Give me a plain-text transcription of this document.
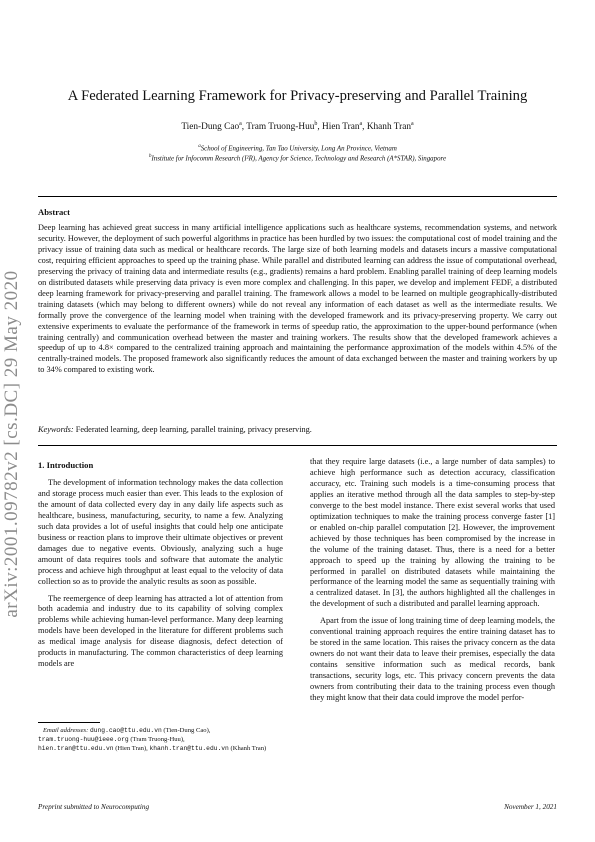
arXiv:2001.09782v2 [cs.DC] 29 May 2020
A Federated Learning Framework for Privacy-preserving and Parallel Training
Tien-Dung Cao$^a$, Tram Truong-Huu$^b$, Hien Tran$^a$, Khanh Tran$^a$
$^a$School of Engineering, Tan Tao University, Long An Province, Vietnam
$^b$Institute for Infocomm Research (I²R), Agency for Science, Technology and Research (A*STAR), Singapore
Abstract
Deep learning has achieved great success in many artificial intelligence applications such as healthcare systems, recommendation systems, and network security. However, the deployment of such powerful algorithms in practice has been hurdled by two issues: the computational cost of model training and the privacy issue of training data such as medical or healthcare records. The large size of both learning models and datasets incurs a massive computational cost, requiring efficient approaches to speed up the training phase. While parallel and distributed learning can address the issue of computational overhead, preserving the privacy of training data and intermediate results (e.g., gradients) remains a hard problem. Enabling parallel training of deep learning models on distributed datasets while preserving data privacy is even more complex and challenging. In this paper, we develop and implement FEDF, a distributed deep learning framework for privacy-preserving and parallel training. The framework allows a model to be learned on multiple geographically-distributed training datasets (which may belong to different owners) while do not reveal any information of each dataset as well as the intermediate results. We formally prove the convergence of the learning model when training with the developed framework and its privacy-preserving property. We carry out extensive experiments to evaluate the performance of the framework in terms of speedup ratio, the approximation to the upper-bound performance (when training centrally) and communication overhead between the master and training workers. The results show that the developed framework achieves a speedup of up to 4.8× compared to the centralized training approach and maintaining the performance approximation of the models within 4.5% of the centrally-trained models. The proposed framework also significantly reduces the amount of data exchanged between the master and training workers by up to 34% compared to existing work.
Keywords: Federated learning, deep learning, parallel training, privacy preserving.
1. Introduction

The development of information technology makes the data collection and storage process much easier than ever. This leads to the explosion of the amount of data collected every day in any daily life aspects such as healthcare, business, manufacturing, security, to name a few. Analyzing such data provides a lot of useful insights that could help one anticipate business or reaction plans to improve their ultimate objectives or prevent damages due to negative events. Obviously, analyzing such a huge amount of data requires tools and software that automate the analytic process and achieve high throughput at least equal to the velocity of data collection so as to provide the analytic results as soon as possible.

The reemergence of deep learning has attracted a lot of attention from both academia and industry due to its capability of solving complex problems while achieving human-level performance. Many deep learning models have been developed in the literature for different problems such as medical image analysis for disease diagnosis, defect detection of products in manufacturing. The common characteristics of deep learning models are

that they require large datasets (i.e., a large number of data samples) to achieve high performance such as detection accuracy, classification accuracy, etc. Training such models is a time-consuming process that applies an iterative method through all the data samples to step-by-step converge to the best model instance. There exist several works that used optimization techniques to make the training process converge faster [1] or enabled on-chip parallel computation [2]. However, the improvement achieved by those techniques has been compromised by the increase in the volume of the training dataset. Thus, there is a need for a better approach to speed up the training by allowing the training to be performed in parallel on distributed datasets while maintaining the performance of the learning model the same as sequentially training with a centralized dataset. In [3], the authors highlighted all the challenges in the development of such a distributed and parallel learning approach.

Apart from the issue of long training time of deep learning models, the conventional training approach requires the entire training dataset has to be stored in the same location. This raises the privacy concern as the data owners do not want their data to leave their premises, especially the data contains sensitive information such as medical records, bank transactions, security logs, etc. This privacy concern prevents the data owners from contributing their data to the training process even though they might know that their data could improve the model perfor-

Email addresses: dung.cao@ttu.edu.vn (Tien-Dung Cao),
tram.truong-huu@ieee.org (Tram Truong-Huu),
hien.tran@ttu.edu.vn (Hien Tran), khanh.tran@ttu.edu.vn (Khanh Tran)
Preprint submitted to Neurocomputing	November 1, 2021
